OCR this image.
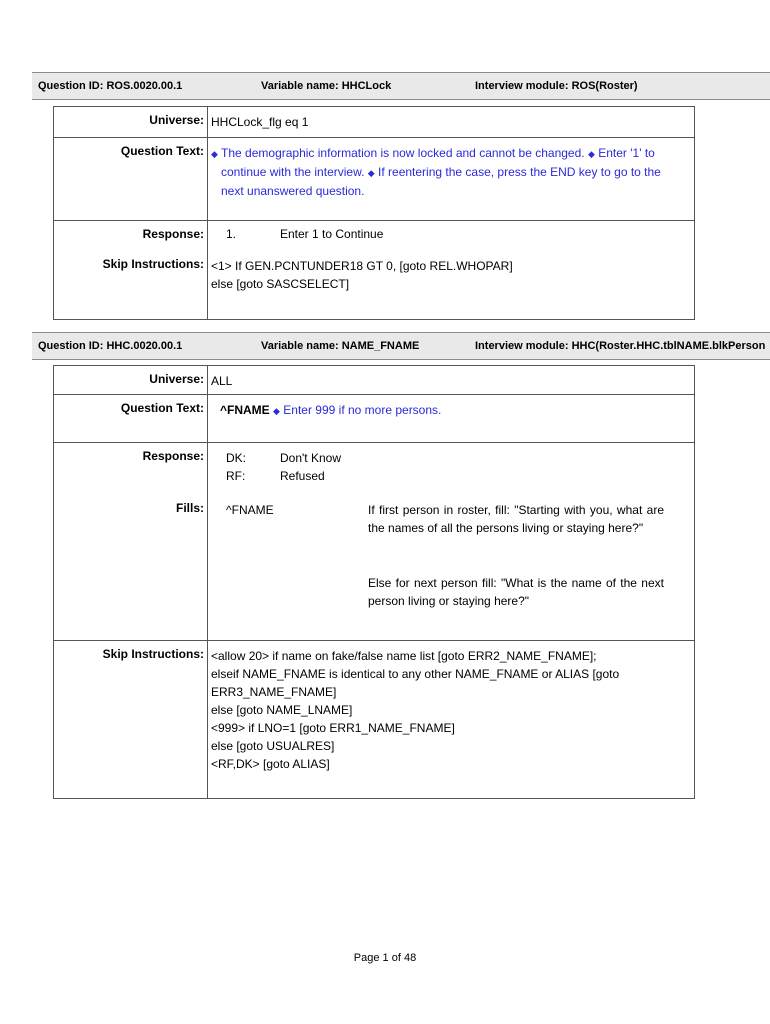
Question ID: ROS.0020.00.1	Variable name: HHCLock	Interview module: ROS(Roster)
Universe: HHCLock_flg eq 1
Question Text: ◆ The demographic information is now locked and cannot be changed. ◆ Enter '1' to continue with the interview. ◆ If reentering the case, press the END key to go to the next unanswered question.
Response: 1.	Enter 1 to Continue
Skip Instructions: <1> If GEN.PCNTUNDER18 GT 0, [goto REL.WHOPAR]
else [goto SASCSELECT]
Question ID: HHC.0020.00.1	Variable name: NAME_FNAME	Interview module: HHC(Roster.HHC.tblNAME.blkPerson
Universe: ALL
Question Text:	^FNAME ◆ Enter 999 if no more persons.
Response: DK:	Don't Know
RF:	Refused
Fills: ^FNAME	If first person in roster, fill: "Starting with you, what are the names of all the persons living or staying here?"
Else for next person fill: "What is the name of the next person living or staying here?"
Skip Instructions: <allow 20> if name on fake/false name list [goto ERR2_NAME_FNAME];
elseif NAME_FNAME is identical to any other NAME_FNAME or ALIAS [goto
ERR3_NAME_FNAME]
else [goto NAME_LNAME]
<999> if LNO=1 [goto ERR1_NAME_FNAME]
else [goto USUALRES]
<RF,DK> [goto ALIAS]
Page 1 of 48
